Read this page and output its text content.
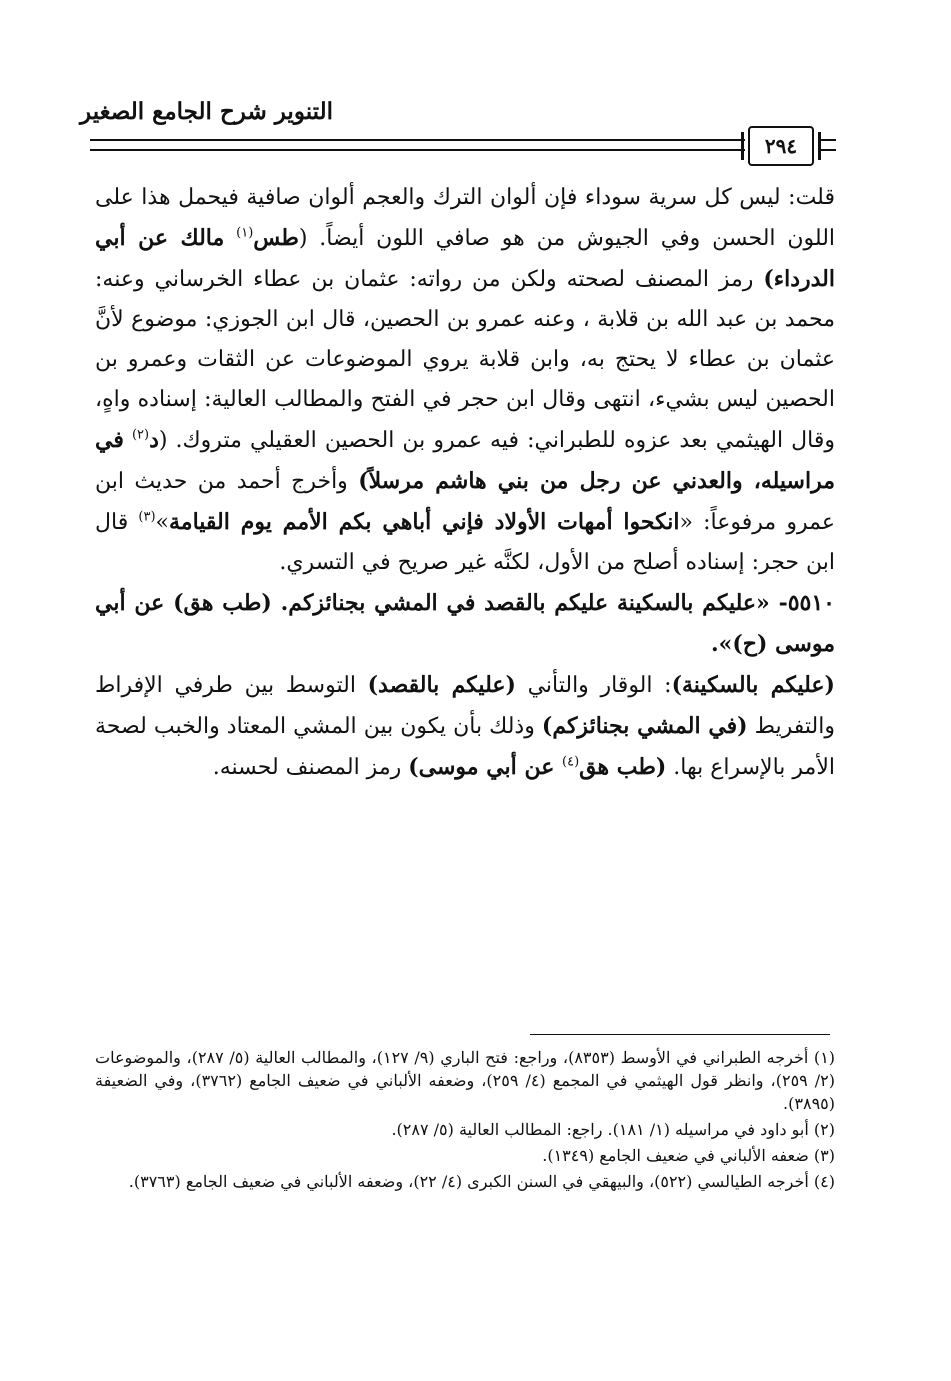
التنوير شرح الجامع الصغير
٢٩٤

قلت: ليس كل سرية سوداء فإن ألوان الترك والعجم ألوان صافية فيحمل هذا على اللون الحسن وفي الجيوش من هو صافي اللون أيضاً. (طس$^{(١)}$ مالك عن أبي الدرداء) رمز المصنف لصحته ولكن من رواته: عثمان بن عطاء الخرساني وعنه: محمد بن عبد الله بن قلابة ، وعنه عمرو بن الحصين، قال ابن الجوزي: موضوع لأنَّ عثمان بن عطاء لا يحتج به، وابن قلابة يروي الموضوعات عن الثقات وعمرو بن الحصين ليس بشيء، انتهى وقال ابن حجر في الفتح والمطالب العالية: إسناده واهٍ، وقال الهيثمي بعد عزوه للطبراني: فيه عمرو بن الحصين العقيلي متروك. (د$^{(٢)}$ في مراسيله، والعدني عن رجل من بني هاشم مرسلاً) وأخرج أحمد من حديث ابن عمرو مرفوعاً: «انكحوا أمهات الأولاد فإني أباهي بكم الأمم يوم القيامة»$^{(٣)}$ قال ابن حجر: إسناده أصلح من الأول، لكنَّه غير صريح في التسري.

٥٥١٠- «عليكم بالسكينة عليكم بالقصد في المشي بجنائزكم. (طب هق) عن أبي موسى (ح)».

(عليكم بالسكينة): الوقار والتأني (عليكم بالقصد) التوسط بين طرفي الإفراط والتفريط (في المشي بجنائزكم) وذلك بأن يكون بين المشي المعتاد والخبب لصحة الأمر بالإسراع بها. (طب هق$^{(٤)}$ عن أبي موسى) رمز المصنف لحسنه.

(١) أخرجه الطبراني في الأوسط (٨٣٥٣)، وراجع: فتح الباري (٩/ ١٢٧)، والمطالب العالية (٥/ ٢٨٧)، والموضوعات (٢/ ٢٥٩)، وانظر قول الهيثمي في المجمع (٤/ ٢٥٩)، وضعفه الألباني في ضعيف الجامع (٣٧٦٢)، وفي الضعيفة (٣٨٩٥).

(٢) أبو داود في مراسيله (١/ ١٨١). راجع: المطالب العالية (٥/ ٢٨٧).

(٣) ضعفه الألباني في ضعيف الجامع (١٣٤٩).

(٤) أخرجه الطيالسي (٥٢٢)، والبيهقي في السنن الكبرى (٤/ ٢٢)، وضعفه الألباني في ضعيف الجامع (٣٧٦٣).
